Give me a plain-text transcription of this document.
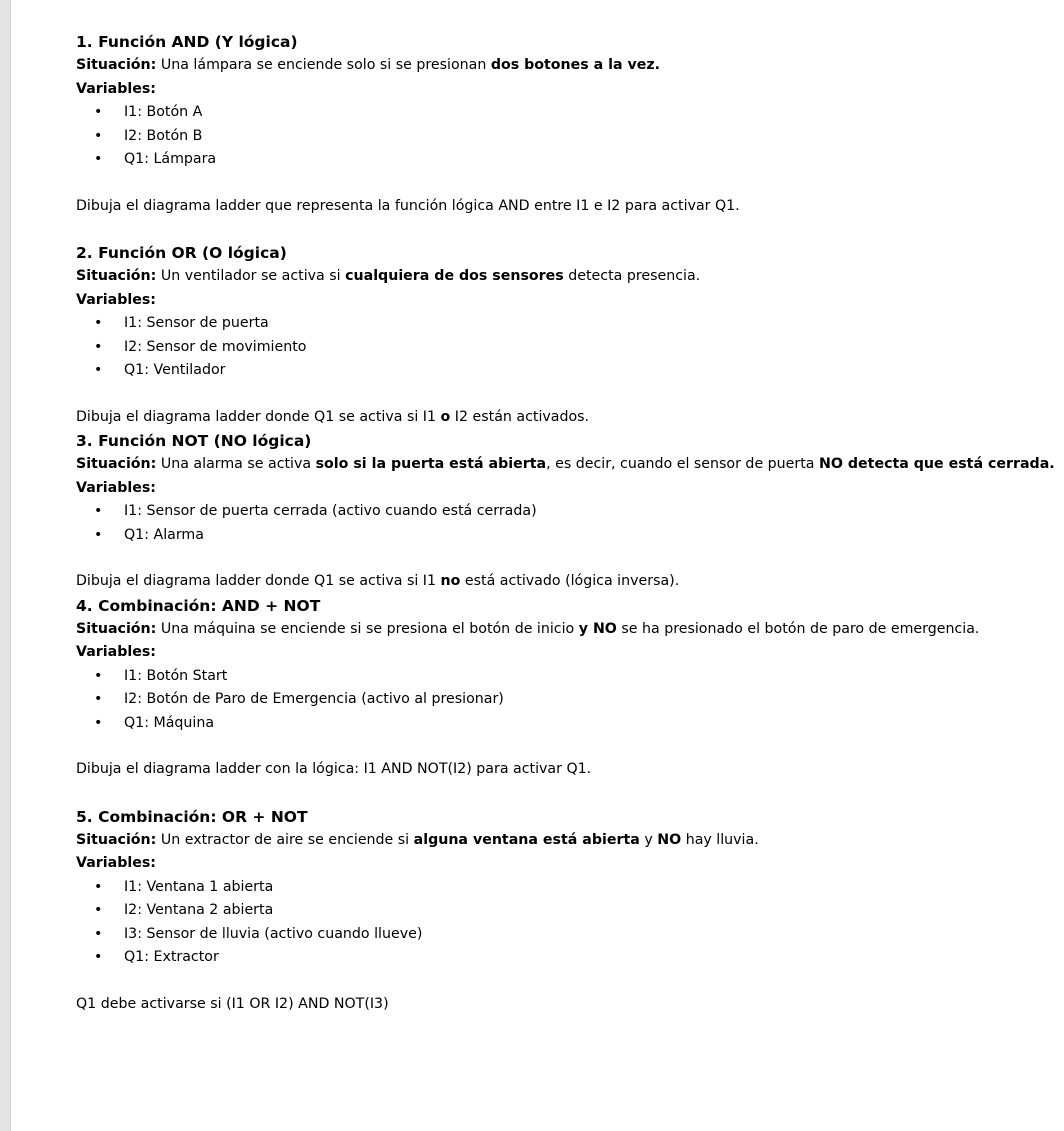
1. Función AND (Y lógica)
Situación: Una lámpara se enciende solo si se presionan dos botones a la vez.
Variables:
• I1: Botón A
• I2: Botón B
• Q1: Lámpara
Dibuja el diagrama ladder que representa la función lógica AND entre I1 e I2 para activar Q1.
2. Función OR (O lógica)
Situación: Un ventilador se activa si cualquiera de dos sensores detecta presencia.
Variables:
• I1: Sensor de puerta
• I2: Sensor de movimiento
• Q1: Ventilador
Dibuja el diagrama ladder donde Q1 se activa si I1 o I2 están activados.
3. Función NOT (NO lógica)
Situación: Una alarma se activa solo si la puerta está abierta, es decir, cuando el sensor de puerta NO detecta que está cerrada.
Variables:
• I1: Sensor de puerta cerrada (activo cuando está cerrada)
• Q1: Alarma
Dibuja el diagrama ladder donde Q1 se activa si I1 no está activado (lógica inversa).
4. Combinación: AND + NOT
Situación: Una máquina se enciende si se presiona el botón de inicio y NO se ha presionado el botón de paro de emergencia.
Variables:
• I1: Botón Start
• I2: Botón de Paro de Emergencia (activo al presionar)
• Q1: Máquina
Dibuja el diagrama ladder con la lógica: I1 AND NOT(I2) para activar Q1.
5. Combinación: OR + NOT
Situación: Un extractor de aire se enciende si alguna ventana está abierta y NO hay lluvia.
Variables:
• I1: Ventana 1 abierta
• I2: Ventana 2 abierta
• I3: Sensor de lluvia (activo cuando llueve)
• Q1: Extractor
Q1 debe activarse si (I1 OR I2) AND NOT(I3)
